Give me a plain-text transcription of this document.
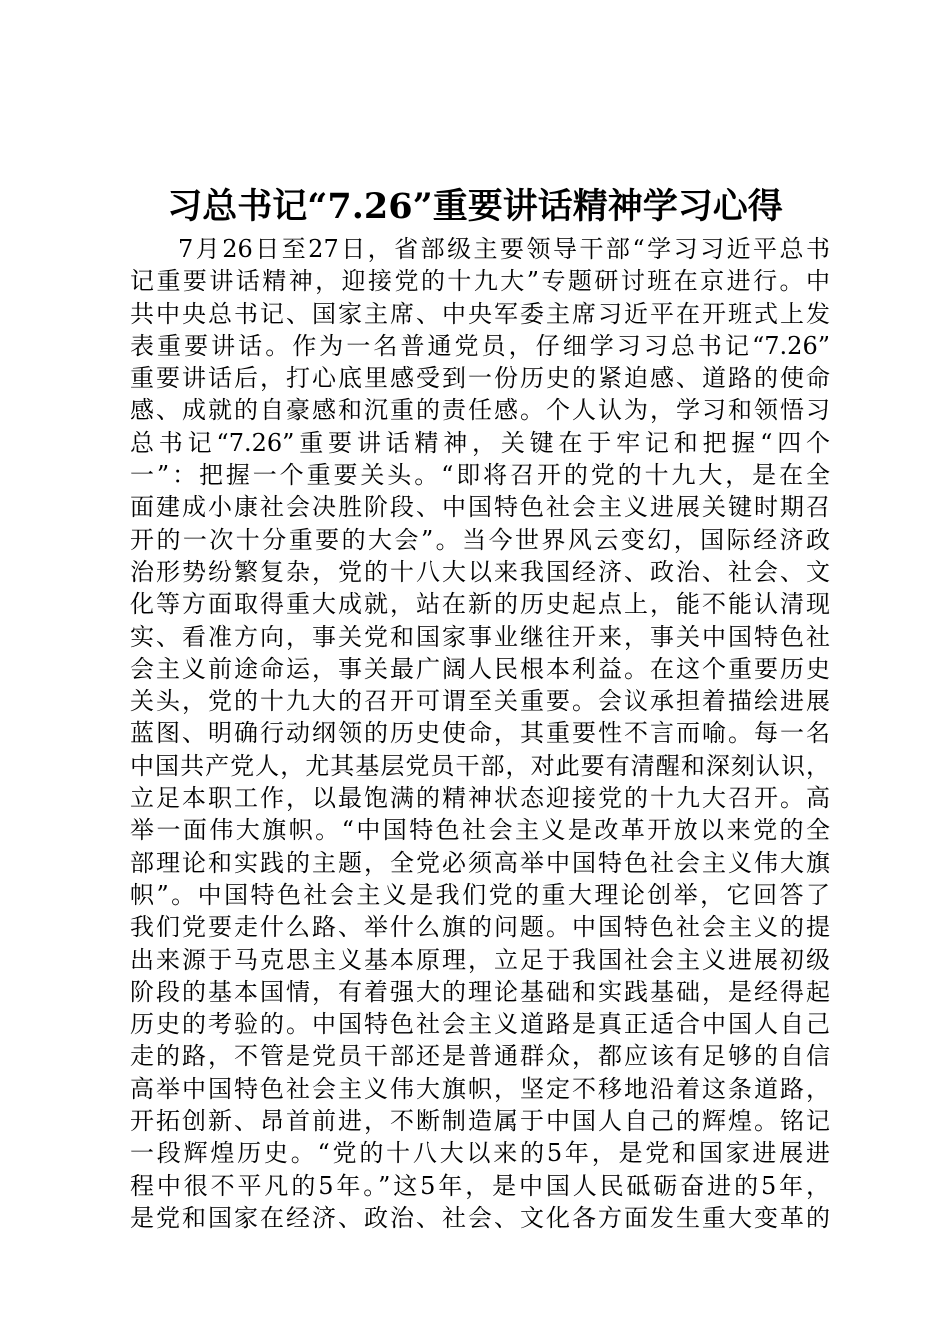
习总书记“7.26”重要讲话精神学习心得
7月26日至27日，省部级主要领导干部“学习习近平总书
记重要讲话精神，迎接党的十九大”专题研讨班在京进行。中
共中央总书记、国家主席、中央军委主席习近平在开班式上发
表重要讲话。作为一名普通党员，仔细学习习总书记“7.26”
重要讲话后，打心底里感受到一份历史的紧迫感、道路的使命
感、成就的自豪感和沉重的责任感。个人认为，学习和领悟习
总书记“7.26”重要讲话精神，关键在于牢记和把握“四个
一”：把握一个重要关头。“即将召开的党的十九大，是在全
面建成小康社会决胜阶段、中国特色社会主义进展关键时期召
开的一次十分重要的大会”。当今世界风云变幻，国际经济政
治形势纷繁复杂，党的十八大以来我国经济、政治、社会、文
化等方面取得重大成就，站在新的历史起点上，能不能认清现
实、看准方向，事关党和国家事业继往开来，事关中国特色社
会主义前途命运，事关最广阔人民根本利益。在这个重要历史
关头，党的十九大的召开可谓至关重要。会议承担着描绘进展
蓝图、明确行动纲领的历史使命，其重要性不言而喻。每一名
中国共产党人，尤其基层党员干部，对此要有清醒和深刻认识，
立足本职工作，以最饱满的精神状态迎接党的十九大召开。高
举一面伟大旗帜。“中国特色社会主义是改革开放以来党的全
部理论和实践的主题，全党必须高举中国特色社会主义伟大旗
帜”。中国特色社会主义是我们党的重大理论创举，它回答了
我们党要走什么路、举什么旗的问题。中国特色社会主义的提
出来源于马克思主义基本原理，立足于我国社会主义进展初级
阶段的基本国情，有着强大的理论基础和实践基础，是经得起
历史的考验的。中国特色社会主义道路是真正适合中国人自己
走的路，不管是党员干部还是普通群众，都应该有足够的自信
高举中国特色社会主义伟大旗帜，坚定不移地沿着这条道路，
开拓创新、昂首前进，不断制造属于中国人自己的辉煌。铭记
一段辉煌历史。“党的十八大以来的5年，是党和国家进展进
程中很不平凡的5年。”这5年，是中国人民砥砺奋进的5年，
是党和国家在经济、政治、社会、文化各方面发生重大变革的
